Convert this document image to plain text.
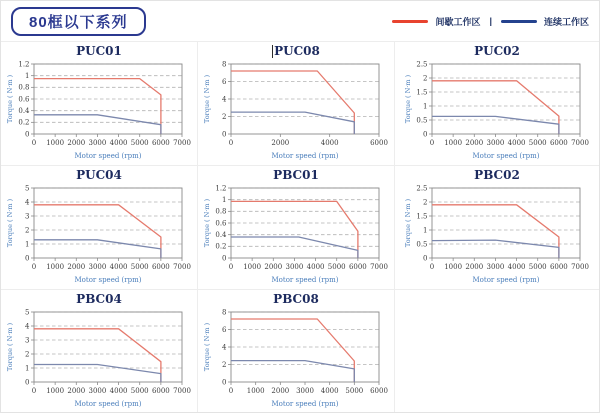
80框以下系列	间歇工作区 |	连续工作区
PUC01
0
0.2
0.4
0.6
0.8
1
1.2
0 1000 2000 3000 4000 5000 6000 7000
Motor speed (rpm)
Torque ( N·m )
PUC08
0
2
4
6
8
0	2000	4000	6000
Motor speed (rpm)
Torque ( N·m )
PUC02
0
0.5
1
1.5
2
2.5
0 1000 2000 3000 4000 5000 6000 7000
Motor speed (rpm)
Torque ( N·m )
PUC04
0
1
2
3
4
5
0 1000 2000 3000 4000 5000 6000 7000
Motor speed (rpm)
Torque ( N·m )
PBC01
0
0.2
0.4
0.6
0.8
1
1.2
0 1000 2000 3000 4000 5000 6000 7000
Motor speed (rpm)
Torque ( N·m )
PBC02
0
0.5
1
1.5
2
2.5
0 1000 2000 3000 4000 5000 6000 7000
Motor speed (rpm)
Torque ( N·m )
PBC04
0
1
2
3
4
5
0 1000 2000 3000 4000 5000 6000 7000
Motor speed (rpm)
Torque ( N·m )
PBC08
0
2
4
6
8
0 1000 2000 3000 4000 5000 6000
Motor speed (rpm)
Torque ( N·m )
